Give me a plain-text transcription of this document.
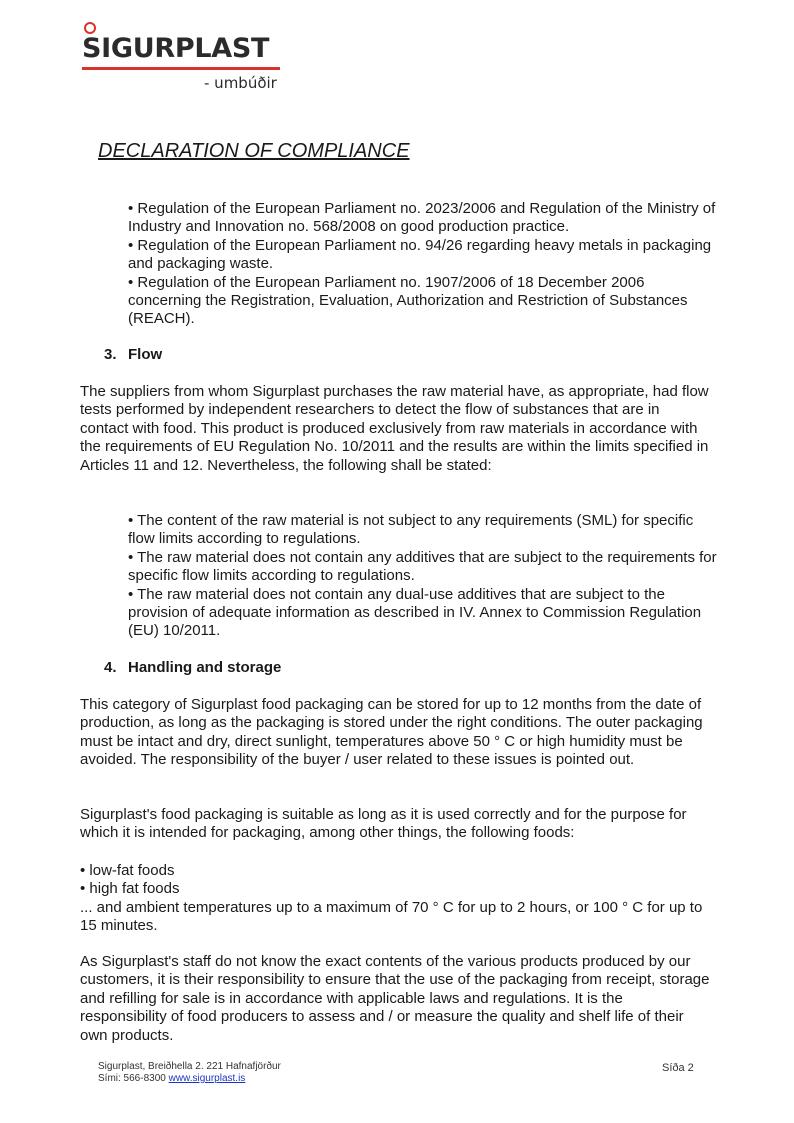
SIGURPLAST
- umbúðir
DECLARATION OF COMPLIANCE

• Regulation of the European Parliament no. 2023/2006 and Regulation of the Ministry of Industry and Innovation no. 568/2008 on good production practice.

• Regulation of the European Parliament no. 94/26 regarding heavy metals in packaging and packaging waste.

• Regulation of the European Parliament no. 1907/2006 of 18 December 2006 concerning the Registration, Evaluation, Authorization and Restriction of Substances (REACH).

3. Flow

The suppliers from whom Sigurplast purchases the raw material have, as appropriate, had flow tests performed by independent researchers to detect the flow of substances that are in contact with food. This product is produced exclusively from raw materials in accordance with the requirements of EU Regulation No. 10/2011 and the results are within the limits specified in Articles 11 and 12. Nevertheless, the following shall be stated:

• The content of the raw material is not subject to any requirements (SML) for specific flow limits according to regulations.

• The raw material does not contain any additives that are subject to the requirements for specific flow limits according to regulations.

• The raw material does not contain any dual-use additives that are subject to the provision of adequate information as described in IV. Annex to Commission Regulation (EU) 10/2011.

4. Handling and storage

This category of Sigurplast food packaging can be stored for up to 12 months from the date of production, as long as the packaging is stored under the right conditions. The outer packaging must be intact and dry, direct sunlight, temperatures above 50 ° C or high humidity must be avoided. The responsibility of the buyer / user related to these issues is pointed out.

Sigurplast's food packaging is suitable as long as it is used correctly and for the purpose for which it is intended for packaging, among other things, the following foods:

• low-fat foods

• high fat foods

... and ambient temperatures up to a maximum of 70 ° C for up to 2 hours, or 100 ° C for up to 15 minutes.

As Sigurplast's staff do not know the exact contents of the various products produced by our customers, it is their responsibility to ensure that the use of the packaging from receipt, storage and refilling for sale is in accordance with applicable laws and regulations. It is the responsibility of food producers to assess and / or measure the quality and shelf life of their own products.

Sigurplast, Breiðhella 2. 221 Hafnafjörður
Sími: 566-8300 www.sigurplast.is
Síða 2
